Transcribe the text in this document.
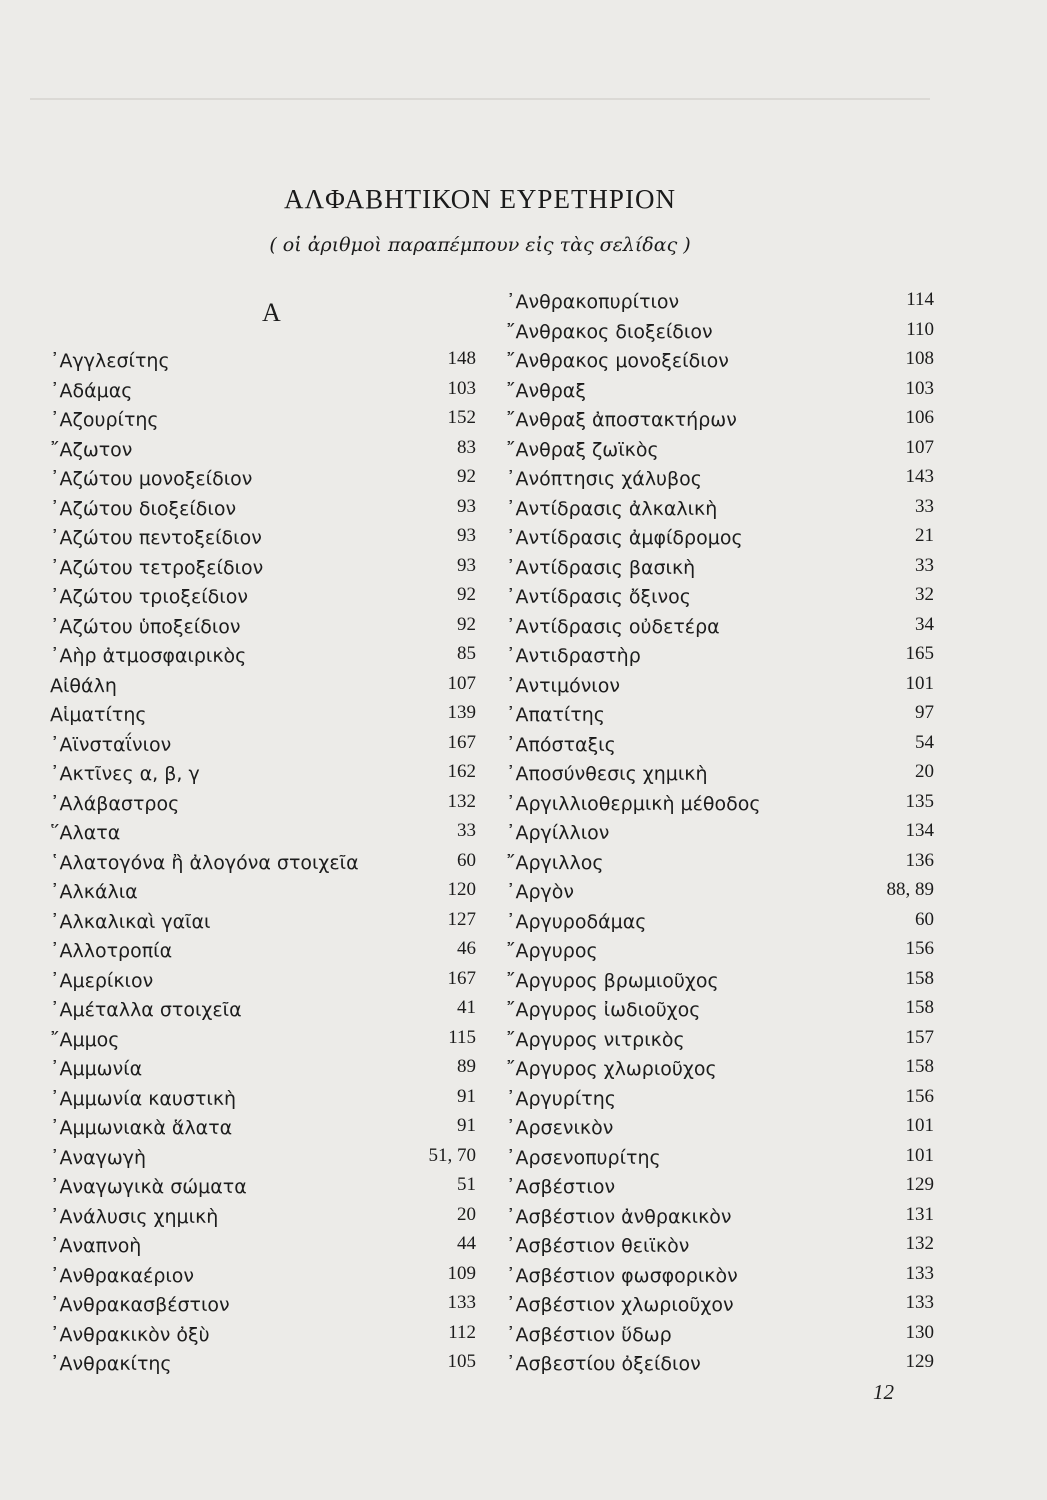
ΑΛΦΑΒΗΤΙΚΟΝ ΕΥΡΕΤΗΡΙΟΝ
( οἱ ἀριθμοὶ παραπέμπουν εἰς τὰς σελίδας )
Α
᾽Αγγλεσίτης	148
᾽Αδάμας	103
᾽Αζουρίτης	152
῎Αζωτον	83
᾽Αζώτου μονοξείδιον	92
᾽Αζώτου διοξείδιον	93
᾽Αζώτου πεντοξείδιον	93
᾽Αζώτου τετροξείδιον	93
᾽Αζώτου τριοξείδιον	92
᾽Αζώτου ὑποξείδιον	92
᾽Αὴρ ἀτμοσφαιρικὸς	85
Αἰθάλη	107
Αἱματίτης	139
᾽Αϊνσταΐνιον	167
᾽Ακτῖνες α, β, γ	162
᾽Αλάβαστρος	132
῞Αλατα	33
῾Αλατογόνα ἢ ἀλογόνα στοιχεῖα	60
᾽Αλκάλια	120
᾽Αλκαλικαὶ γαῖαι	127
᾽Αλλοτροπία	46
᾽Αμερίκιον	167
᾽Αμέταλλα στοιχεῖα	41
῎Αμμος	115
᾽Αμμωνία	89
᾽Αμμωνία καυστικὴ	91
᾽Αμμωνιακὰ ἅλατα	91
᾽Αναγωγὴ	51, 70
᾽Αναγωγικὰ σώματα	51
᾽Ανάλυσις χημικὴ	20
᾽Αναπνοὴ	44
᾽Ανθρακαέριον	109
᾽Ανθρακασβέστιον	133
᾽Ανθρακικὸν ὀξὺ	112
᾽Ανθρακίτης	105
᾽Ανθρακοπυρίτιον	114
῎Ανθρακος διοξείδιον	110
῎Ανθρακος μονοξείδιον	108
῎Ανθραξ	103
῎Ανθραξ ἀποστακτήρων	106
῎Ανθραξ ζωϊκὸς	107
᾽Ανόπτησις χάλυβος	143
᾽Αντίδρασις ἀλκαλικὴ	33
᾽Αντίδρασις ἀμφίδρομος	21
᾽Αντίδρασις βασικὴ	33
᾽Αντίδρασις ὄξινος	32
᾽Αντίδρασις οὐδετέρα	34
᾽Αντιδραστὴρ	165
᾽Αντιμόνιον	101
᾽Απατίτης	97
᾽Απόσταξις	54
᾽Αποσύνθεσις χημικὴ	20
᾽Αργιλλιοθερμικὴ μέθοδος	135
᾽Αργίλλιον	134
῎Αργιλλος	136
᾽Αργὸν	88, 89
᾽Αργυροδάμας	60
῎Αργυρος	156
῎Αργυρος βρωμιοῦχος	158
῎Αργυρος ἰωδιοῦχος	158
῎Αργυρος νιτρικὸς	157
῎Αργυρος χλωριοῦχος	158
᾽Αργυρίτης	156
᾽Αρσενικὸν	101
᾽Αρσενοπυρίτης	101
᾽Ασβέστιον	129
᾽Ασβέστιον ἀνθρακικὸν	131
᾽Ασβέστιον θειϊκὸν	132
᾽Ασβέστιον φωσφορικὸν	133
᾽Ασβέστιον χλωριοῦχον	133
᾽Ασβέστιον ὕδωρ	130
᾽Ασβεστίου ὀξείδιον	129
12
